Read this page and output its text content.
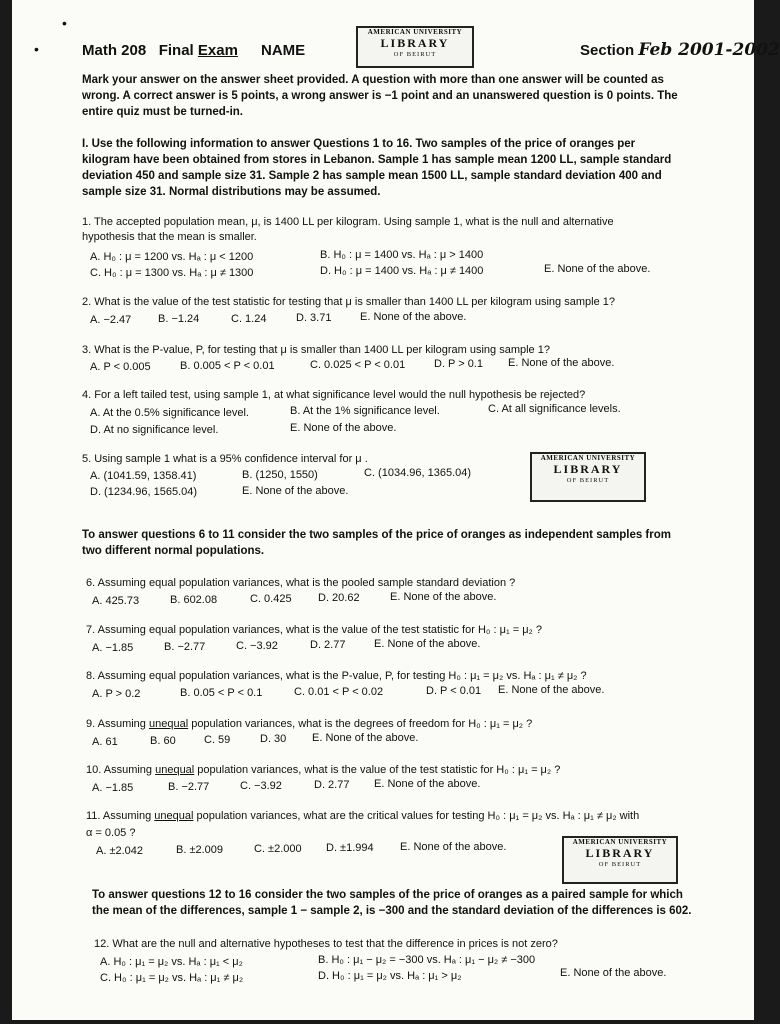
•
•	Math 208 Final Exam NAME
AMERICAN UNIVERSITY
LIBRARY
OF BEIRUT	Section Feb 2001-2002
Mark your answer on the answer sheet provided. A question with more than one answer will be counted as wrong. A correct answer is 5 points, a wrong answer is −1 point and an unanswered question is 0 points. The entire quiz must be turned-in.
I. Use the following information to answer Questions 1 to 16. Two samples of the price of oranges per kilogram have been obtained from stores in Lebanon. Sample 1 has sample mean 1200 LL, sample standard deviation 450 and sample size 31. Sample 2 has sample mean 1500 LL, sample standard deviation 400 and sample size 31. Normal distributions may be assumed.
1. The accepted population mean, μ, is 1400 LL per kilogram. Using sample 1, what is the null and alternative hypothesis that the mean is smaller.
A. H₀ : μ = 1200 vs. Hₐ : μ < 1200	B. H₀ : μ = 1400 vs. Hₐ : μ > 1400
C. H₀ : μ = 1300 vs. Hₐ : μ ≠ 1300	D. H₀ : μ = 1400 vs. Hₐ : μ ≠ 1400	E. None of the above.
2. What is the value of the test statistic for testing that μ is smaller than 1400 LL per kilogram using sample 1?
A. −2.47 B. −1.24	C. 1.24	D. 3.71	E. None of the above.
3. What is the P-value, P, for testing that μ is smaller than 1400 LL per kilogram using sample 1?
A. P < 0.005	B. 0.005 < P < 0.01	C. 0.025 < P < 0.01	D. P > 0.1 E. None of the above.
4. For a left tailed test, using sample 1, at what significance level would the null hypothesis be rejected?
A. At the 0.5% significance level.	B. At the 1% significance level.	C. At all significance levels.
D. At no significance level.	E. None of the above.
5. Using sample 1 what is a 95% confidence interval for μ .
A. (1041.59, 1358.41)	B. (1250, 1550)	C. (1034.96, 1365.04)
D. (1234.96, 1565.04)	E. None of the above.
AMERICAN UNIVERSITY
LIBRARY
OF BEIRUT
To answer questions 6 to 11 consider the two samples of the price of oranges as independent samples from two different normal populations.
6. Assuming equal population variances, what is the pooled sample standard deviation ?
A. 425.73	B. 602.08	C. 0.425 D. 20.62	E. None of the above.
7. Assuming equal population variances, what is the value of the test statistic for H₀ : μ₁ = μ₂ ?
A. −1.85	B. −2.77	C. −3.92	D. 2.77	E. None of the above.
8. Assuming equal population variances, what is the P-value, P, for testing H₀ : μ₁ = μ₂ vs. Hₐ : μ₁ ≠ μ₂ ?
A. P > 0.2	B. 0.05 < P < 0.1	C. 0.01 < P < 0.02	D. P < 0.01 E. None of the above.
9. Assuming unequal population variances, what is the degrees of freedom for H₀ : μ₁ = μ₂ ?
A. 61	B. 60	C. 59	D. 30 E. None of the above.
10. Assuming unequal population variances, what is the value of the test statistic for H₀ : μ₁ = μ₂ ?
A. −1.85	B. −2.77	C. −3.92	D. 2.77 E. None of the above.
11. Assuming unequal population variances, what are the critical values for testing H₀ : μ₁ = μ₂ vs. Hₐ : μ₁ ≠ μ₂ with
α = 0.05 ?
A. ±2.042	B. ±2.009	C. ±2.000 D. ±1.994 E. None of the above.	AMERICAN UNIVERSITY
LIBRARY
OF BEIRUT
To answer questions 12 to 16 consider the two samples of the price of oranges as a paired sample for which the mean of the differences, sample 1 − sample 2, is −300 and the standard deviation of the differences is 602.
12. What are the null and alternative hypotheses to test that the difference in prices is not zero?
A. H₀ : μ₁ = μ₂ vs. Hₐ : μ₁ < μ₂	B. H₀ : μ₁ − μ₂ = −300 vs. Hₐ : μ₁ − μ₂ ≠ −300
C. H₀ : μ₁ = μ₂ vs. Hₐ : μ₁ ≠ μ₂	D. H₀ : μ₁ = μ₂ vs. Hₐ : μ₁ > μ₂	E. None of the above.
